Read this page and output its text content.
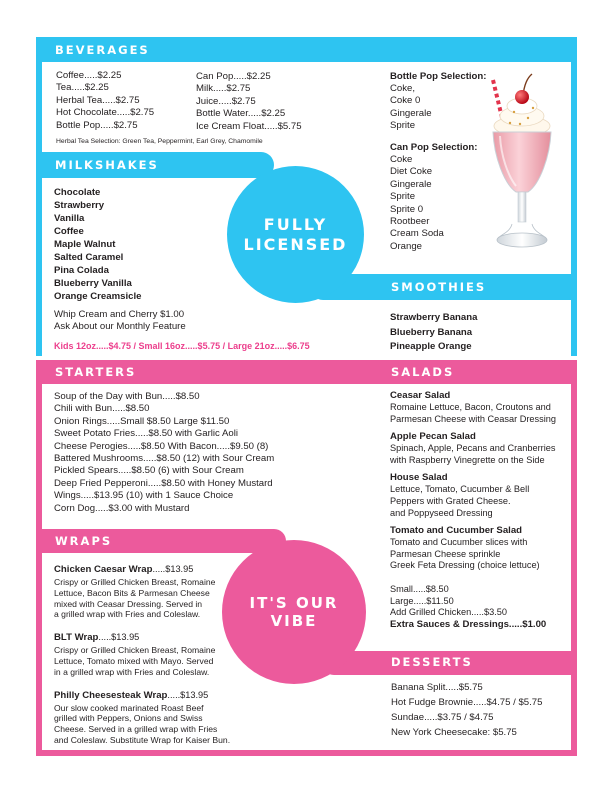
FULLY
LICENSED
IT'S OUR
VIBE
BEVERAGES
MILKSHAKES
SMOOTHIES
STARTERS	SALADS
WRAPS
DESSERTS
Coffee.....$2.25
Tea.....$2.25
Herbal Tea.....$2.75
Hot Chocolate.....$2.75
Bottle Pop.....$2.75
Can Pop.....$2.25
Milk.....$2.75
Juice.....$2.75
Bottle Water.....$2.25
Ice Cream Float.....$5.75
Herbal Tea Selection: Green Tea, Peppermint, Earl Grey, Chamomile
Bottle Pop Selection:
Coke,
Coke 0
Gingerale
Sprite
Can Pop Selection:
Coke
Diet Coke
Gingerale
Sprite
Sprite 0
Rootbeer
Cream Soda
Orange
Chocolate
Strawberry
Vanilla
Coffee
Maple Walnut
Salted Caramel
Pina Colada
Blueberry Vanilla
Orange Creamsicle
Whip Cream and Cherry $1.00
Ask About our Monthly Feature
Kids 12oz.....$4.75 / Small 16oz.....$5.75 / Large 21oz.....$6.75
Strawberry Banana
Blueberry Banana
Pineapple Orange
Soup of the Day with Bun.....$8.50
Chili with Bun.....$8.50
Onion Rings.....Small $8.50 Large $11.50
Sweet Potato Fries.....$8.50 with Garlic Aoli
Cheese Perogies.....$8.50 With Bacon.....$9.50 (8)
Battered Mushrooms.....$8.50 (12) with Sour Cream
Pickled Spears.....$8.50 (6) with Sour Cream
Deep Fried Pepperoni.....$8.50 with Honey Mustard
Wings.....$13.95 (10) with 1 Sauce Choice
Corn Dog.....$3.00 with Mustard
Ceasar Salad
Romaine Lettuce, Bacon, Croutons and
Parmesan Cheese with Ceasar Dressing
Apple Pecan Salad
Spinach, Apple, Pecans and Cranberries
with Raspberry Vinegrette on the Side
House Salad
Lettuce, Tomato, Cucumber & Bell
Peppers with Grated Cheese.
and Poppyseed Dressing
Tomato and Cucumber Salad
Tomato and Cucumber slices with
Parmesan Cheese sprinkle
Greek Feta Dressing (choice lettuce)
Small.....$8.50
Large.....$11.50
Add Grilled Chicken.....$3.50
Extra Sauces & Dressings.....$1.00
Chicken Caesar Wrap.....$13.95
Crispy or Grilled Chicken Breast, Romaine
Lettuce, Bacon Bits & Parmesan Cheese
mixed with Ceasar Dressing. Served in
a grilled wrap with Fries and Coleslaw.
BLT Wrap.....$13.95
Crispy or Grilled Chicken Breast, Romaine
Lettuce, Tomato mixed with Mayo. Served
in a grilled wrap with Fries and Coleslaw.
Philly Cheesesteak Wrap.....$13.95
Our slow cooked marinated Roast Beef
grilled with Peppers, Onions and Swiss
Cheese. Served in a grilled wrap with Fries
and Coleslaw. Substitute Wrap for Kaiser Bun.
Banana Split.....$5.75
Hot Fudge Brownie.....$4.75 / $5.75
Sundae.....$3.75 / $4.75
New York Cheesecake: $5.75
